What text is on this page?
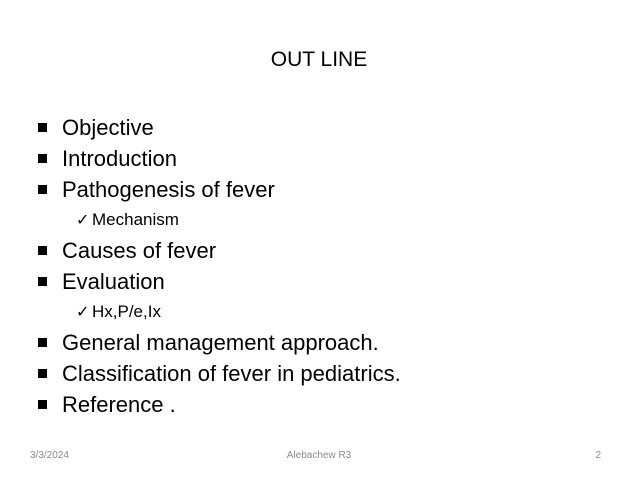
OUT LINE
Objective
Introduction
Pathogenesis of fever
✓ Mechanism
Causes of fever
Evaluation
✓ Hx,P/e,Ix
General management approach.
Classification of fever in pediatrics.
Reference .
3/3/2024	Alebachew R3	2
